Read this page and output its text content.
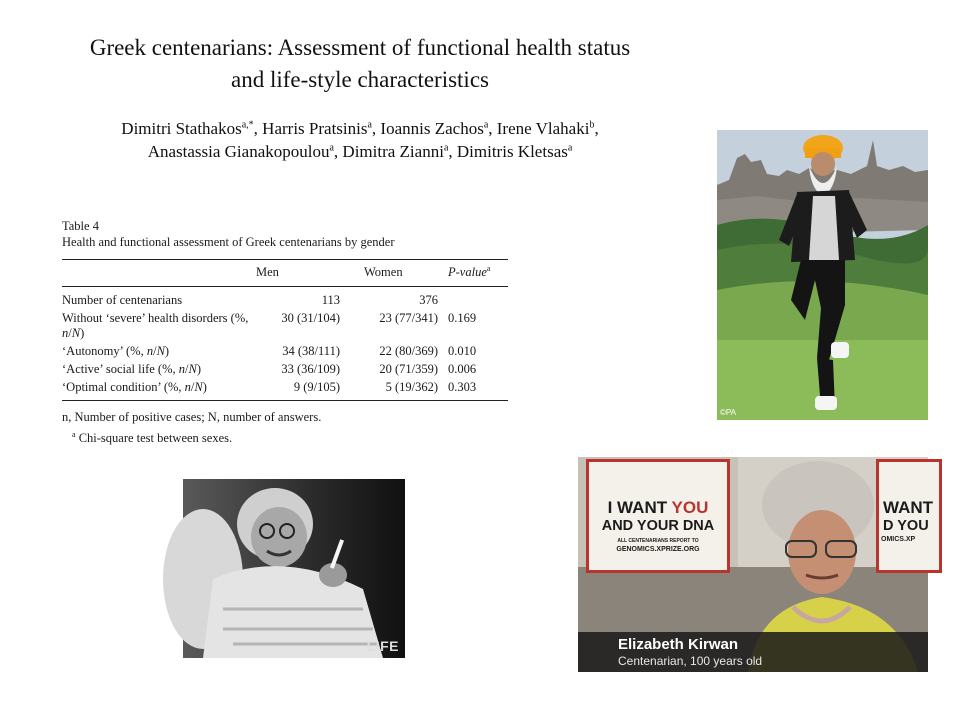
Greek centenarians: Assessment of functional health status
and life-style characteristics
Dimitri Stathakos$^{a,*}$, Harris Pratsinis$^a$, Ioannis Zachos$^a$, Irene Vlahaki$^b$,
Anastassia Gianakopoulou$^a$, Dimitra Zianni$^a$, Dimitris Kletsas$^a$
Table 4
Health and functional assessment of Greek centenarians by gender
	Men	Women	P-value$^a$
Number of centenarians	113	376	
Without ‘severe’ health disorders (%, n/N)	30 (31/104)	23 (77/341)	0.169
‘Autonomy’ (%, n/N)	34 (38/111)	22 (80/369)	0.010
‘Active’ social life (%, n/N)	33 (36/109)	20 (71/359)	0.006
‘Optimal condition’ (%, n/N)	9 (9/105)	5 (19/362)	0.303
n, Number of positive cases; N, number of answers.
$^a$ Chi-square test between sexes.
©PA
LIFE
I WANT YOU
AND YOUR DNA
ALL CENTENARIANS REPORT TO
GENOMICS.XPRIZE.ORG
WANT
D YOU
OMICS.XP
Elizabeth Kirwan
Centenarian, 100 years old
